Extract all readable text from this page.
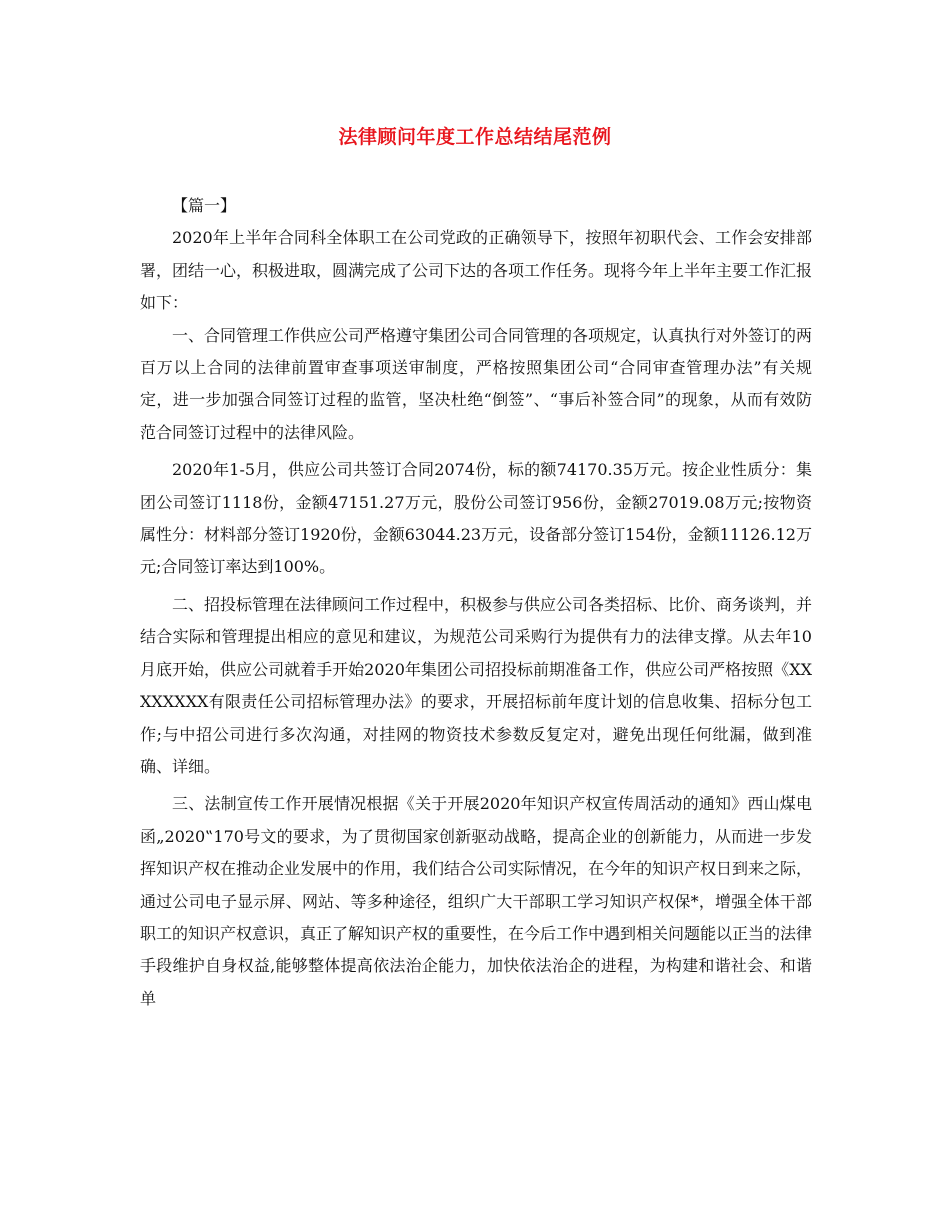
法律顾问年度工作总结结尾范例

【篇一】

2020年上半年合同科全体职工在公司党政的正确领导下，按照年初职代会、工作会安排部署，团结一心，积极进取，圆满完成了公司下达的各项工作任务。现将今年上半年主要工作汇报如下：

一、合同管理工作供应公司严格遵守集团公司合同管理的各项规定，认真执行对外签订的两百万以上合同的法律前置审查事项送审制度，严格按照集团公司“合同审查管理办法”有关规定，进一步加强合同签订过程的监管，坚决杜绝“倒签”、“事后补签合同”的现象，从而有效防范合同签订过程中的法律风险。

2020年1-5月，供应公司共签订合同2074份，标的额74170.35万元。按企业性质分：集团公司签订1118份，金额47151.27万元，股份公司签订956份，金额27019.08万元;按物资属性分：材料部分签订1920份，金额63044.23万元，设备部分签订154份，金额11126.12万元;合同签订率达到100%。

二、招投标管理在法律顾问工作过程中，积极参与供应公司各类招标、比价、商务谈判，并结合实际和管理提出相应的意见和建议，为规范公司采购行为提供有力的法律支撑。从去年10月底开始，供应公司就着手开始2020年集团公司招投标前期准备工作，供应公司严格按照《XXXXXXXX有限责任公司招标管理办法》的要求，开展招标前年度计划的信息收集、招标分包工作;与中招公司进行多次沟通，对挂网的物资技术参数反复定对，避免出现任何纰漏，做到准确、详细。

三、法制宣传工作开展情况根据《关于开展2020年知识产权宣传周活动的通知》西山煤电函„2020‟170号文的要求，为了贯彻国家创新驱动战略，提高企业的创新能力，从而进一步发挥知识产权在推动企业发展中的作用，我们结合公司实际情况，在今年的知识产权日到来之际，通过公司电子显示屏、网站、等多种途径，组织广大干部职工学习知识产权保*，增强全体干部职工的知识产权意识，真正了解知识产权的重要性，在今后工作中遇到相关问题能以正当的法律手段维护自身权益,能够整体提高依法治企能力，加快依法治企的进程，为构建和谐社会、和谐单
